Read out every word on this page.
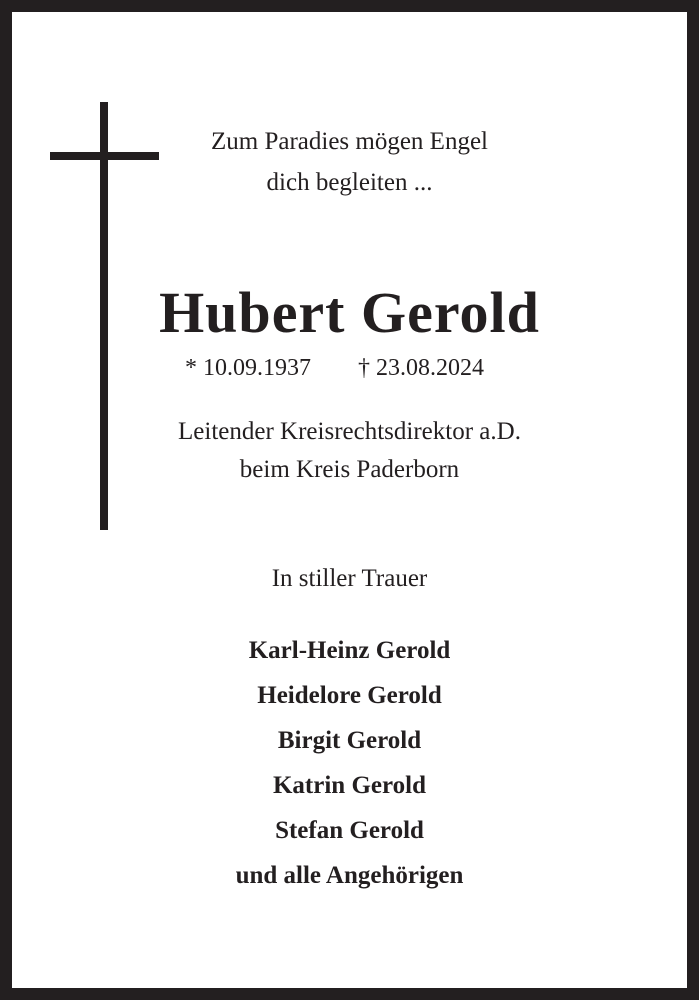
Zum Paradies mögen Engel
dich begleiten ...
Hubert Gerold
* 10.09.1937 † 23.08.2024
Leitender Kreisrechtsdirektor a.D.
beim Kreis Paderborn
In stiller Trauer
Karl-Heinz Gerold
Heidelore Gerold
Birgit Gerold
Katrin Gerold
Stefan Gerold
und alle Angehörigen
